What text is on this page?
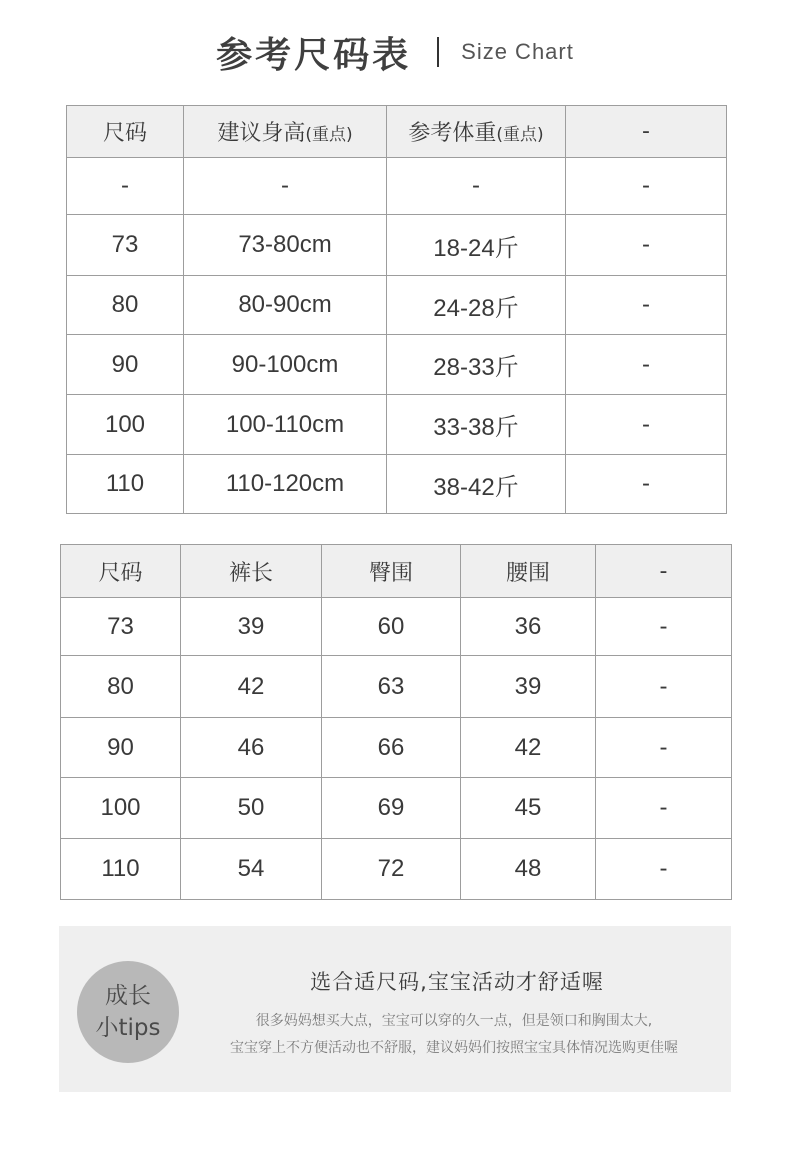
参考尺码表 Size Chart
尺码	建议身高(重点)	参考体重(重点)	-
-	-	-	-
73	73-80cm	18-24斤	-
80	80-90cm	24-28斤	-
90	90-100cm	28-33斤	-
100	100-110cm	33-38斤	-
110	110-120cm	38-42斤	-
尺码	裤长	臀围	腰围	-
73	39	60	36	-
80	42	63	39	-
90	46	66	42	-
100	50	69	45	-
110	54	72	48	-
成长
小tips
选合适尺码,宝宝活动才舒适喔
很多妈妈想买大点，宝宝可以穿的久一点，但是领口和胸围太大,
宝宝穿上不方便活动也不舒服，建议妈妈们按照宝宝具体情况选购更佳喔
